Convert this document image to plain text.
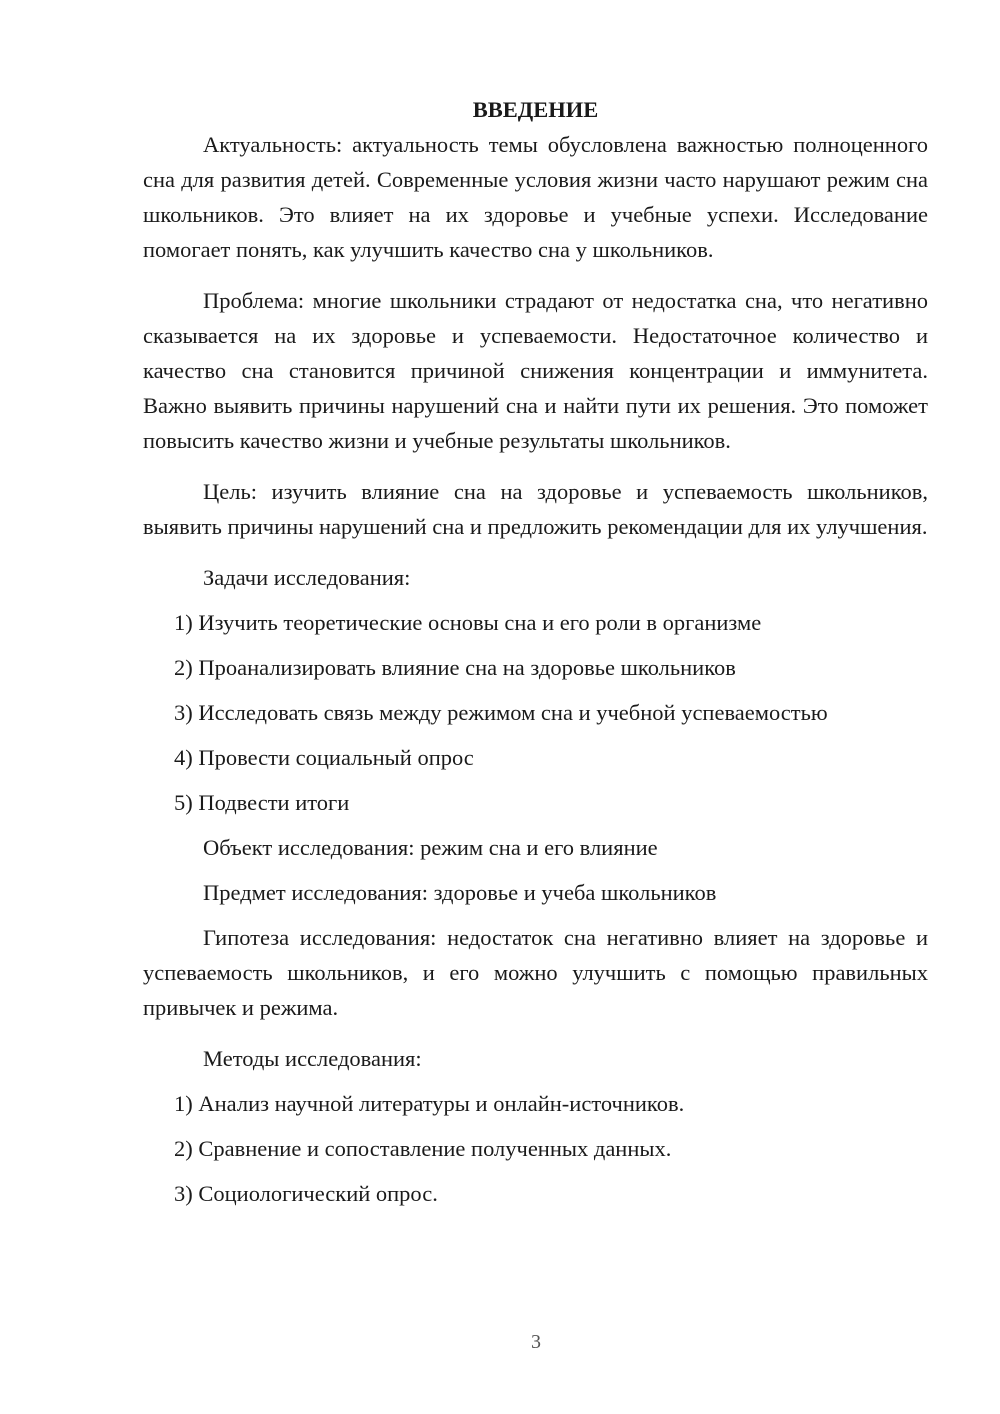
ВВЕДЕНИЕ

Актуальность: актуальность темы обусловлена важностью полноценного сна для развития детей. Современные условия жизни часто нарушают режим сна школьников. Это влияет на их здоровье и учебные успехи. Исследование помогает понять, как улучшить качество сна у школьников.

Проблема: многие школьники страдают от недостатка сна, что негативно сказывается на их здоровье и успеваемости. Недостаточное количество и качество сна становится причиной снижения концентрации и иммунитета. Важно выявить причины нарушений сна и найти пути их решения. Это поможет повысить качество жизни и учебные результаты школьников.

Цель: изучить влияние сна на здоровье и успеваемость школьников, выявить причины нарушений сна и предложить рекомендации для их улучшения.

Задачи исследования:
1) Изучить теоретические основы сна и его роли в организме
2) Проанализировать влияние сна на здоровье школьников
3) Исследовать связь между режимом сна и учебной успеваемостью
4) Провести социальный опрос
5) Подвести итоги
Объект исследования: режим сна и его влияние
Предмет исследования: здоровье и учеба школьников

Гипотеза исследования: недостаток сна негативно влияет на здоровье и успеваемость школьников, и его можно улучшить с помощью правильных привычек и режима.

Методы исследования:
1) Анализ научной литературы и онлайн-источников.
2) Сравнение и сопоставление полученных данных.
3) Социологический опрос.
3
